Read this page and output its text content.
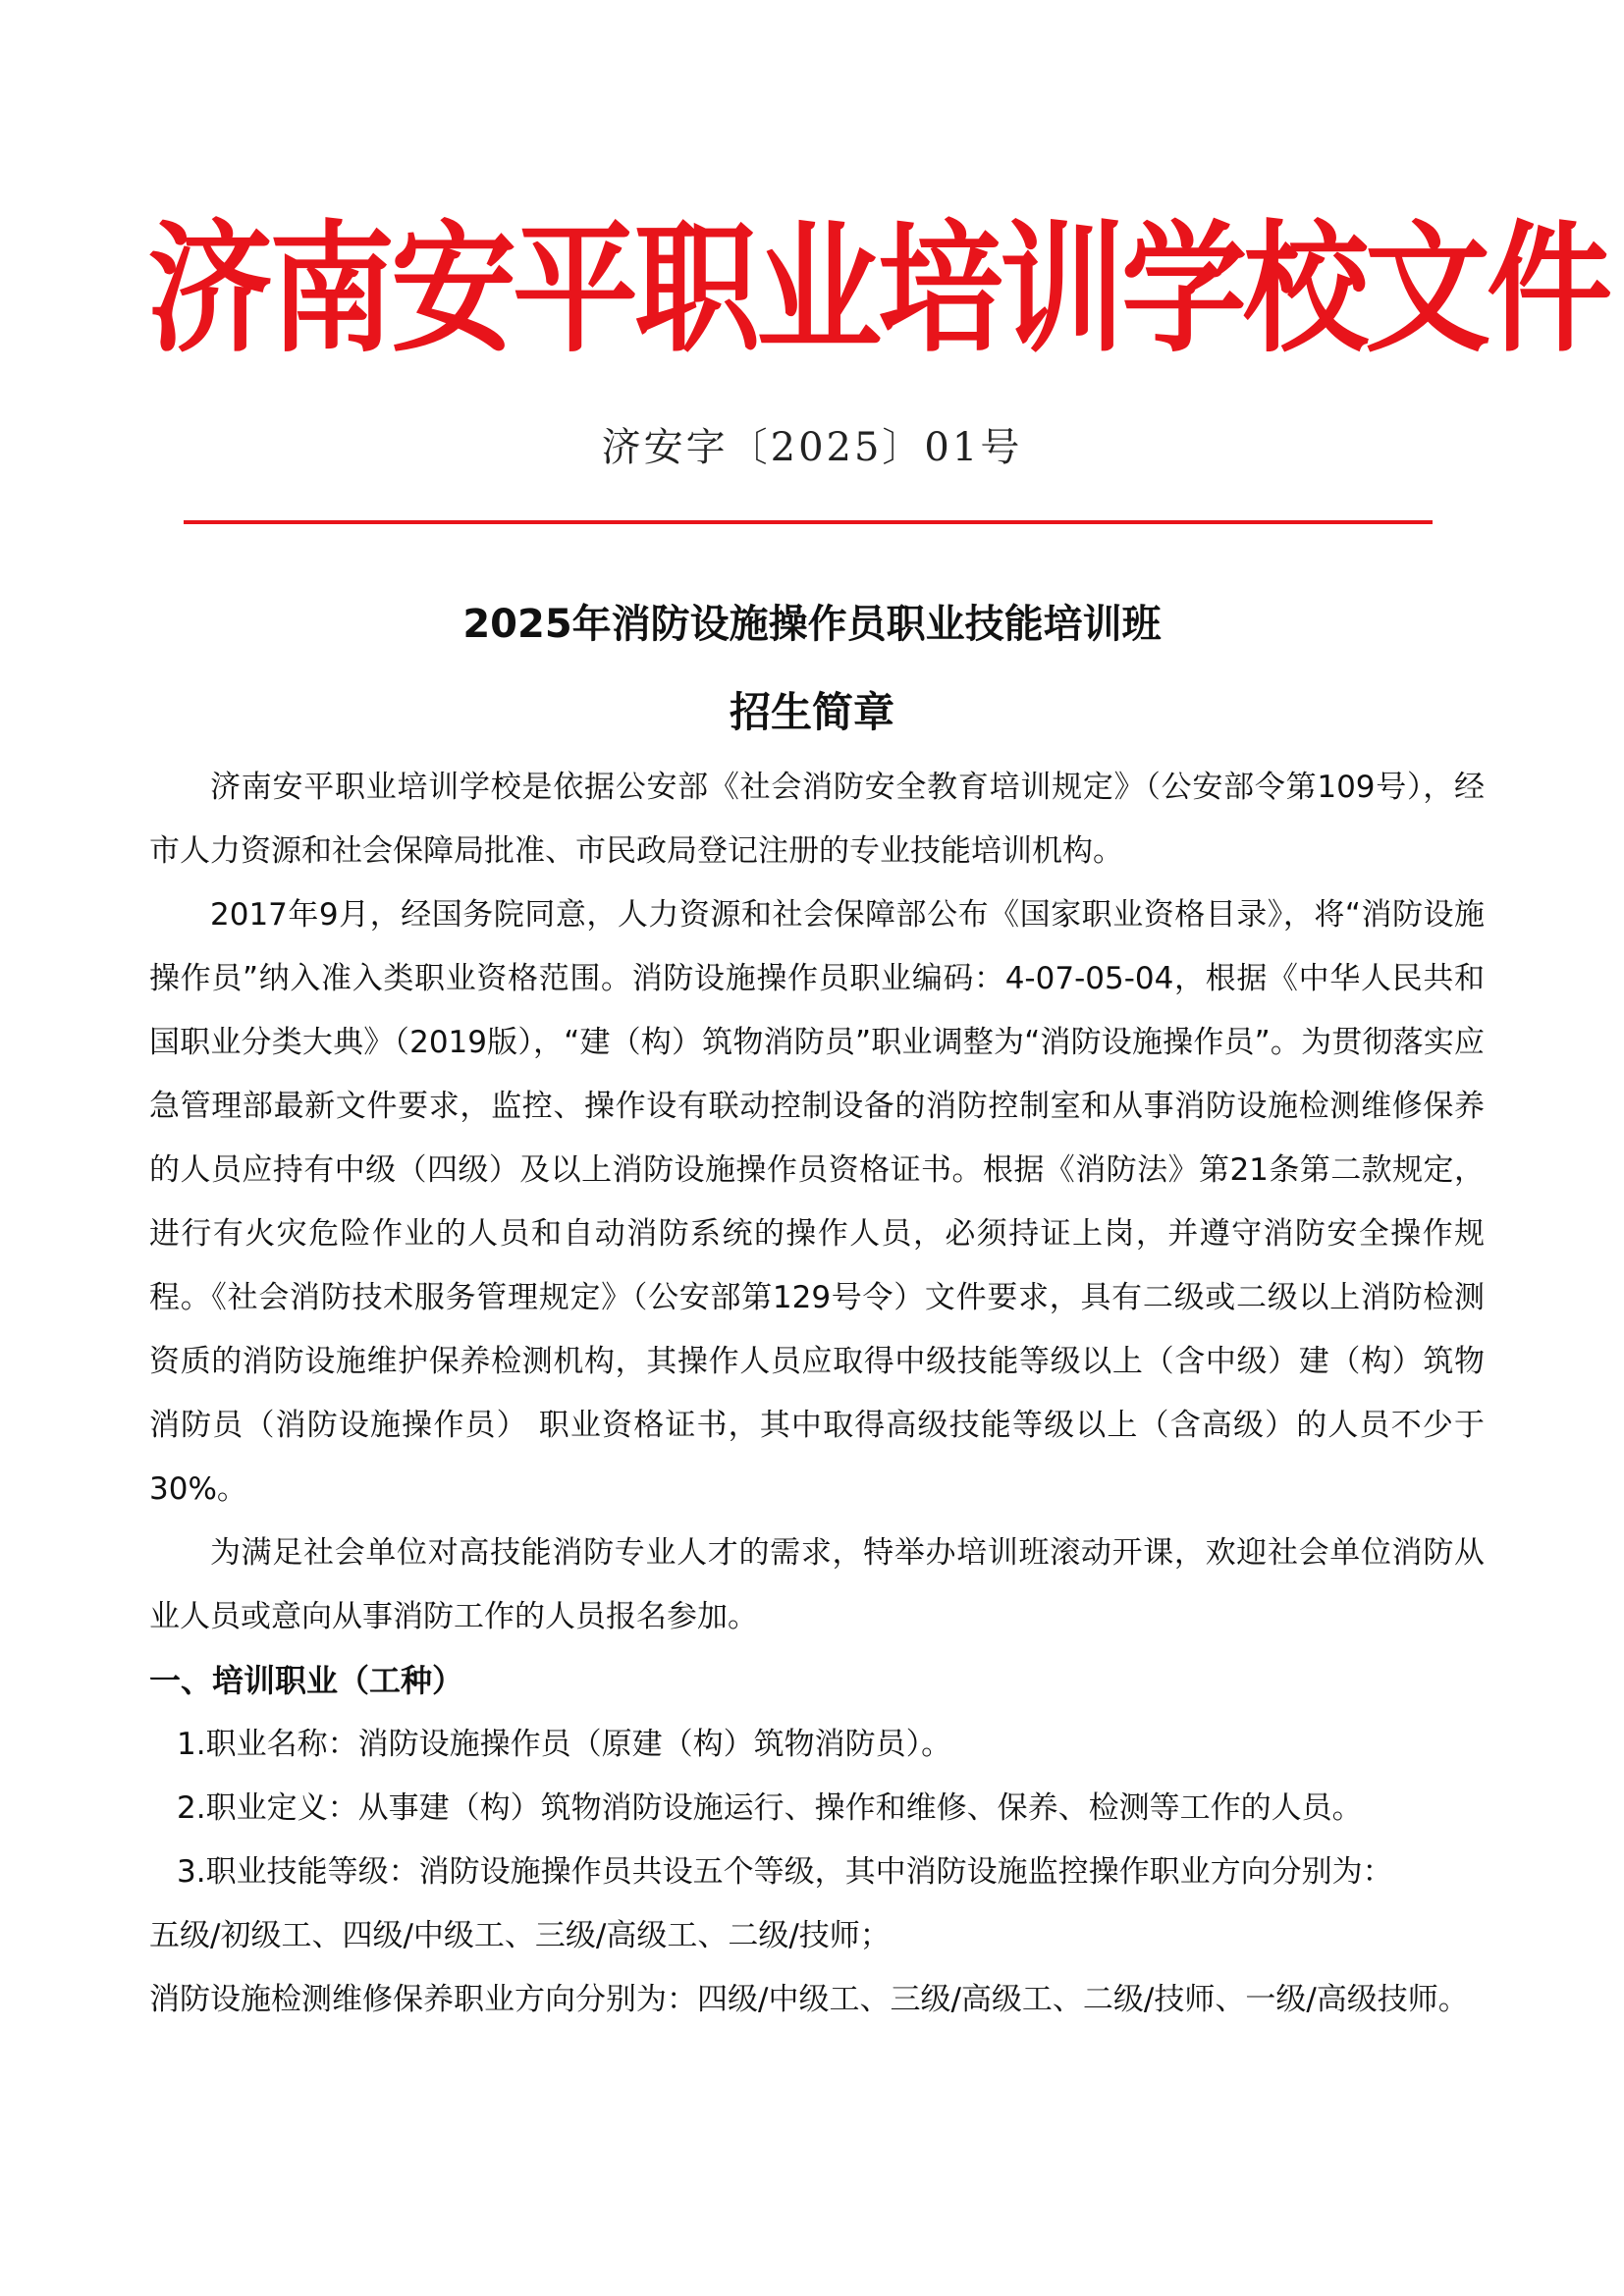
济南安平职业培训学校文件
济安字〔2025〕01号
2025年消防设施操作员职业技能培训班
招生简章

济南安平职业培训学校是依据公安部《社会消防安全教育培训规定》（公安部令第109号），经市人力资源和社会保障局批准、市民政局登记注册的专业技能培训机构。

2017年9月，经国务院同意，人力资源和社会保障部公布《国家职业资格目录》，将“消防设施操作员”纳入准入类职业资格范围。消防设施操作员职业编码：4-07-05-04，根据《中华人民共和国职业分类大典》（2019版），“建（构）筑物消防员”职业调整为“消防设施操作员”。为贯彻落实应急管理部最新文件要求，监控、操作设有联动控制设备的消防控制室和从事消防设施检测维修保养的人员应持有中级（四级）及以上消防设施操作员资格证书。根据《消防法》第21条第二款规定，进行有火灾危险作业的人员和自动消防系统的操作人员，必须持证上岗，并遵守消防安全操作规程。《社会消防技术服务管理规定》（公安部第129号令）文件要求，具有二级或二级以上消防检测资质的消防设施维护保养检测机构，其操作人员应取得中级技能等级以上（含中级）建（构）筑物消防员（消防设施操作员） 职业资格证书，其中取得高级技能等级以上（含高级）的人员不少于30%。

为满足社会单位对高技能消防专业人才的需求，特举办培训班滚动开课，欢迎社会单位消防从业人员或意向从事消防工作的人员报名参加。

一、培训职业（工种）

1.职业名称：消防设施操作员（原建（构）筑物消防员）。

2.职业定义：从事建（构）筑物消防设施运行、操作和维修、保养、检测等工作的人员。

3.职业技能等级：消防设施操作员共设五个等级，其中消防设施监控操作职业方向分别为：

五级/初级工、四级/中级工、三级/高级工、二级/技师；

消防设施检测维修保养职业方向分别为：四级/中级工、三级/高级工、二级/技师、一级/高级技师。
